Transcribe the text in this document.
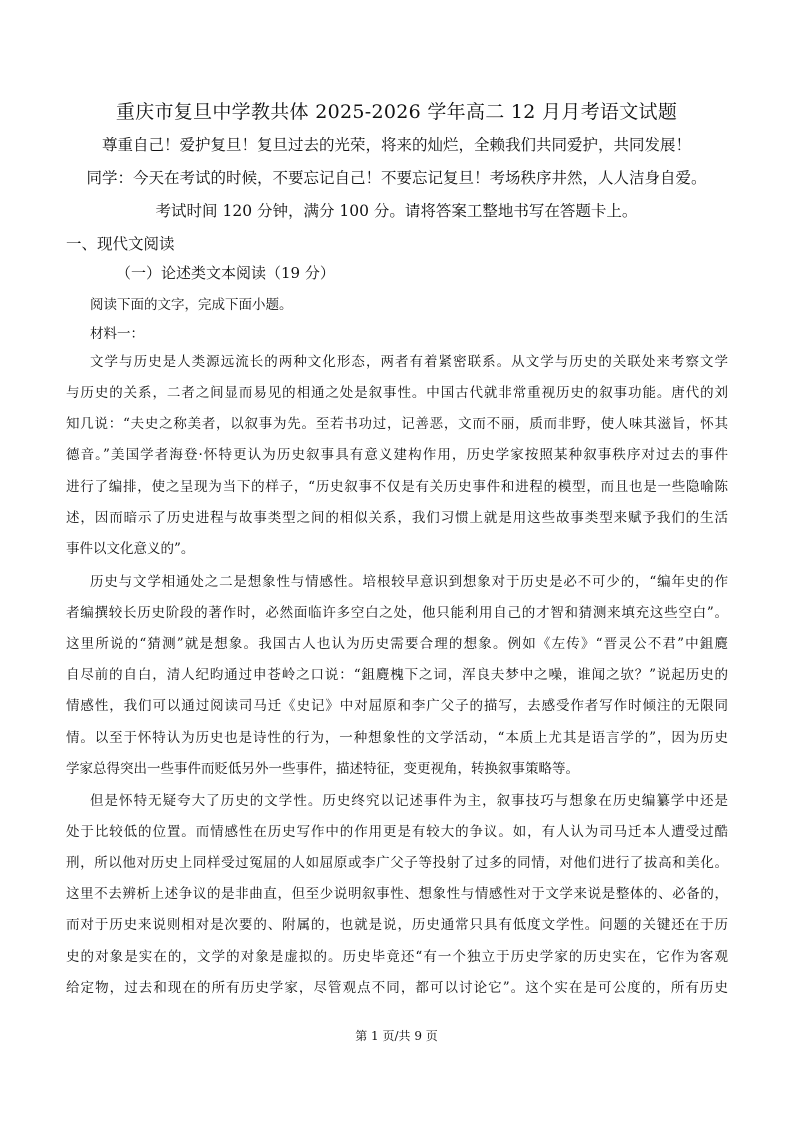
重庆市复旦中学教共体 2025-2026 学年高二 12 月月考语文试题
尊重自己！爱护复旦！复旦过去的光荣，将来的灿烂，全赖我们共同爱护，共同发展！
同学：今天在考试的时候，不要忘记自己！不要忘记复旦！考场秩序井然，人人洁身自爱。
考试时间 120 分钟，满分 100 分。请将答案工整地书写在答题卡上。
一、现代文阅读
（一）论述类文本阅读（19 分）
阅读下面的文字，完成下面小题。
材料一：
文学与历史是人类源远流长的两种文化形态，两者有着紧密联系。从文学与历史的关联处来考察文学
与历史的关系，二者之间显而易见的相通之处是叙事性。中国古代就非常重视历史的叙事功能。唐代的刘
知几说：“夫史之称美者，以叙事为先。至若书功过，记善恶，文而不丽，质而非野，使人味其滋旨，怀其
德音。”美国学者海登·怀特更认为历史叙事具有意义建构作用，历史学家按照某种叙事秩序对过去的事件
进行了编排，使之呈现为当下的样子，“历史叙事不仅是有关历史事件和进程的模型，而且也是一些隐喻陈
述，因而暗示了历史进程与故事类型之间的相似关系，我们习惯上就是用这些故事类型来赋予我们的生活
事件以文化意义的”。
历史与文学相通处之二是想象性与情感性。培根较早意识到想象对于历史是必不可少的，“编年史的作
者编撰较长历史阶段的著作时，必然面临许多空白之处，他只能利用自己的才智和猜测来填充这些空白”。
这里所说的“猜测”就是想象。我国古人也认为历史需要合理的想象。例如《左传》“晋灵公不君”中鉏麑
自尽前的自白，清人纪昀通过申苍岭之口说：“鉏麑槐下之词，浑良夫梦中之噪，谁闻之欤？”说起历史的
情感性，我们可以通过阅读司马迁《史记》中对屈原和李广父子的描写，去感受作者写作时倾注的无限同
情。以至于怀特认为历史也是诗性的行为，一种想象性的文学活动，“本质上尤其是语言学的”，因为历史
学家总得突出一些事件而贬低另外一些事件，描述特征，变更视角，转换叙事策略等。
但是怀特无疑夸大了历史的文学性。历史终究以记述事件为主，叙事技巧与想象在历史编纂学中还是
处于比较低的位置。而情感性在历史写作中的作用更是有较大的争议。如，有人认为司马迁本人遭受过酷
刑，所以他对历史上同样受过冤屈的人如屈原或李广父子等投射了过多的同情，对他们进行了拔高和美化。
这里不去辨析上述争议的是非曲直，但至少说明叙事性、想象性与情感性对于文学来说是整体的、必备的，
而对于历史来说则相对是次要的、附属的，也就是说，历史通常只具有低度文学性。问题的关键还在于历
史的对象是实在的，文学的对象是虚拟的。历史毕竟还“有一个独立于历史学家的历史实在，它作为客观
给定物，过去和现在的所有历史学家，尽管观点不同，都可以讨论它”。这个实在是可公度的，所有历史
第 1 页/共 9 页
